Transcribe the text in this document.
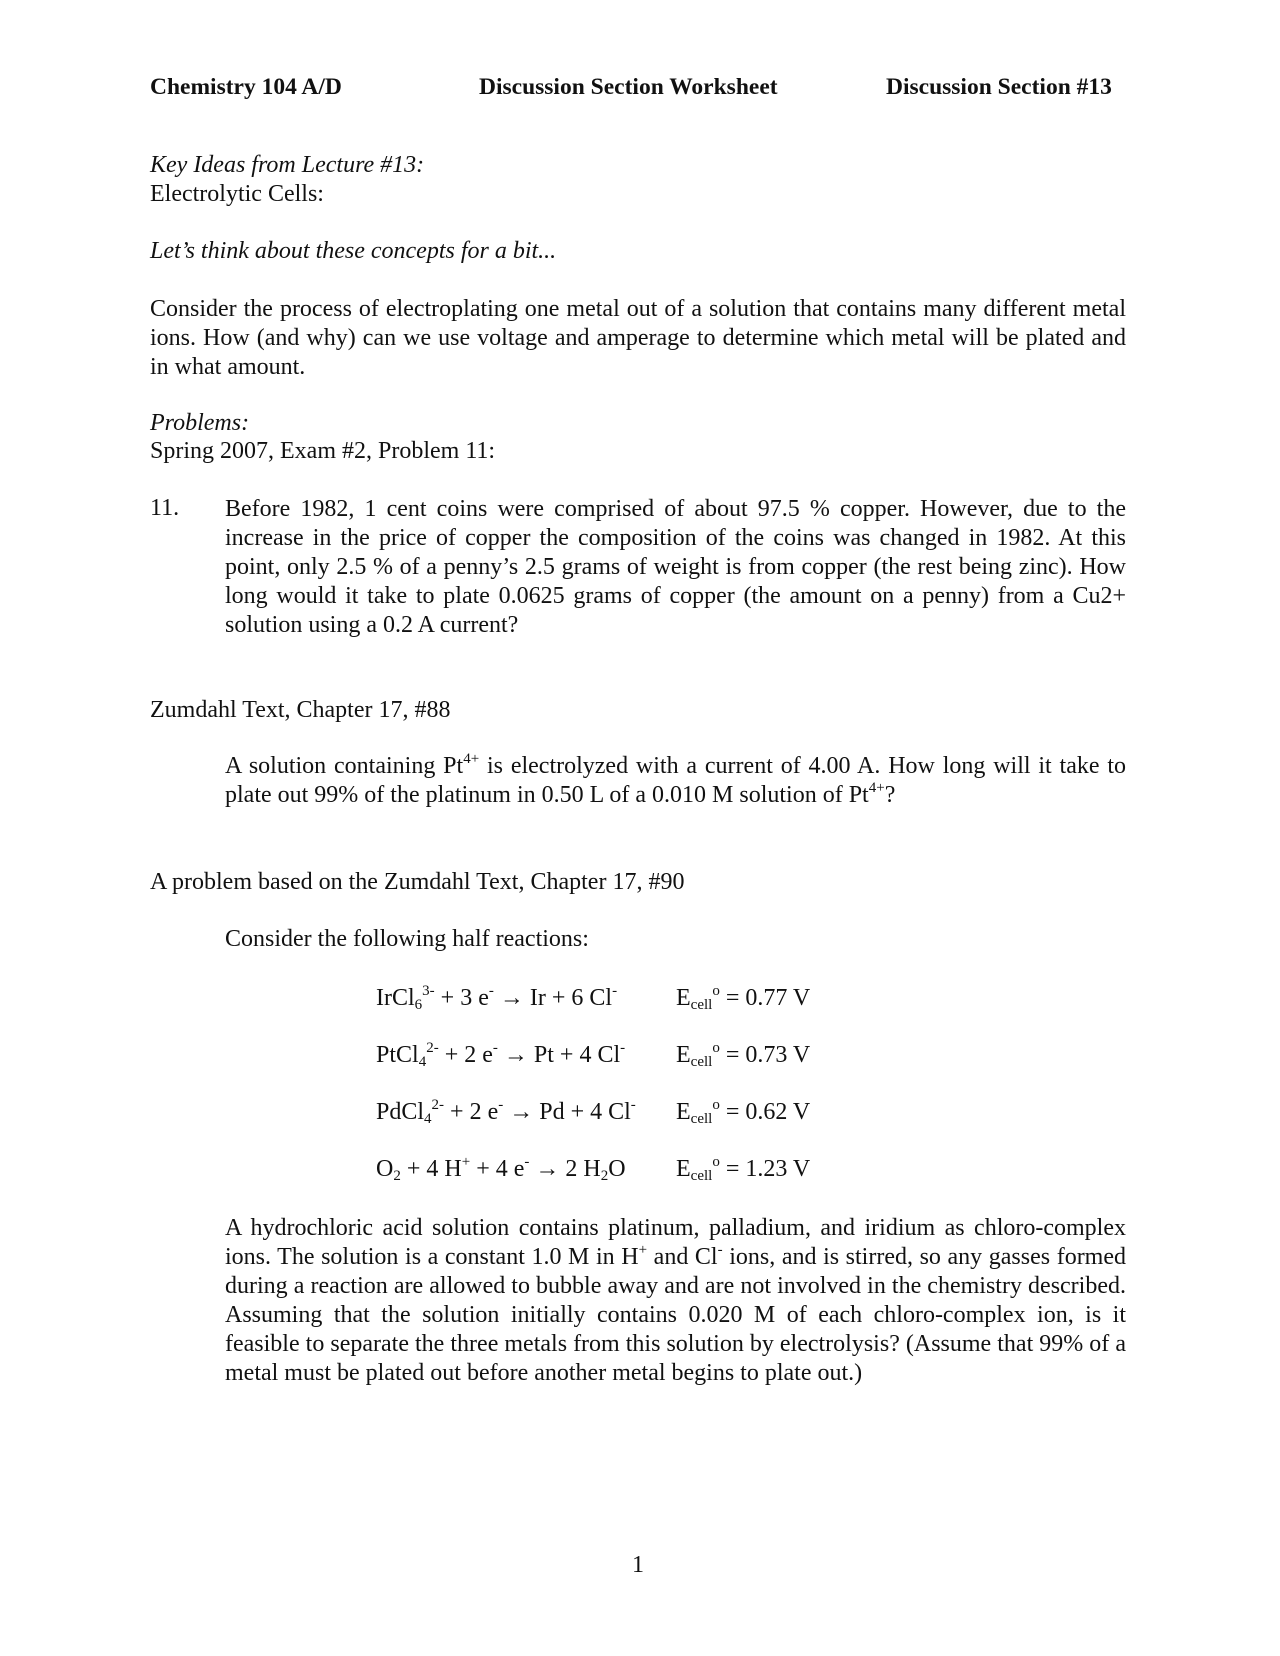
Chemistry 104 A/D	Discussion Section Worksheet	Discussion Section #13
Key Ideas from Lecture #13:
Electrolytic Cells:
Let’s think about these concepts for a bit...
Consider the process of electroplating one metal out of a solution that contains many different metal ions. How (and why) can we use voltage and amperage to determine which metal will be plated and in what amount.
Problems:
Spring 2007, Exam #2, Problem 11:
11. Before 1982, 1 cent coins were comprised of about 97.5 % copper. However, due to the increase in the price of copper the composition of the coins was changed in 1982. At this point, only 2.5 % of a penny’s 2.5 grams of weight is from copper (the rest being zinc). How long would it take to plate 0.0625 grams of copper (the amount on a penny) from a Cu2+ solution using a 0.2 A current?
Zumdahl Text, Chapter 17, #88
A solution containing $Pt^{4+}$ is electrolyzed with a current of 4.00 A. How long will it take to plate out 99% of the platinum in 0.50 L of a 0.010 M solution of $Pt^{4+}$?
A problem based on the Zumdahl Text, Chapter 17, #90
Consider the following half reactions:
IrCl$_6^{3-}$ + 3 e- → Ir + 6 Cl- $E_{cell}^o = 0.77$ V
PtCl$_4^{2-}$ + 2 e- → Pt + 4 Cl- $E_{cell}^o = 0.73$ V
PdCl$_4^{2-}$ + 2 e- → Pd + 4 Cl- $E_{cell}^o = 0.62$ V
$O_2 + 4$ H+ + 4 e- → 2 $H_2O$ $E_{cell}^o = 1.23$ V
A hydrochloric acid solution contains platinum, palladium, and iridium as chloro-complex ions. The solution is a constant 1.0 M in H+ and Cl- ions, and is stirred, so any gasses formed during a reaction are allowed to bubble away and are not involved in the chemistry described. Assuming that the solution initially contains 0.020 M of each chloro-complex ion, is it feasible to separate the three metals from this solution by electrolysis? (Assume that 99% of a metal must be plated out before another metal begins to plate out.)
1
